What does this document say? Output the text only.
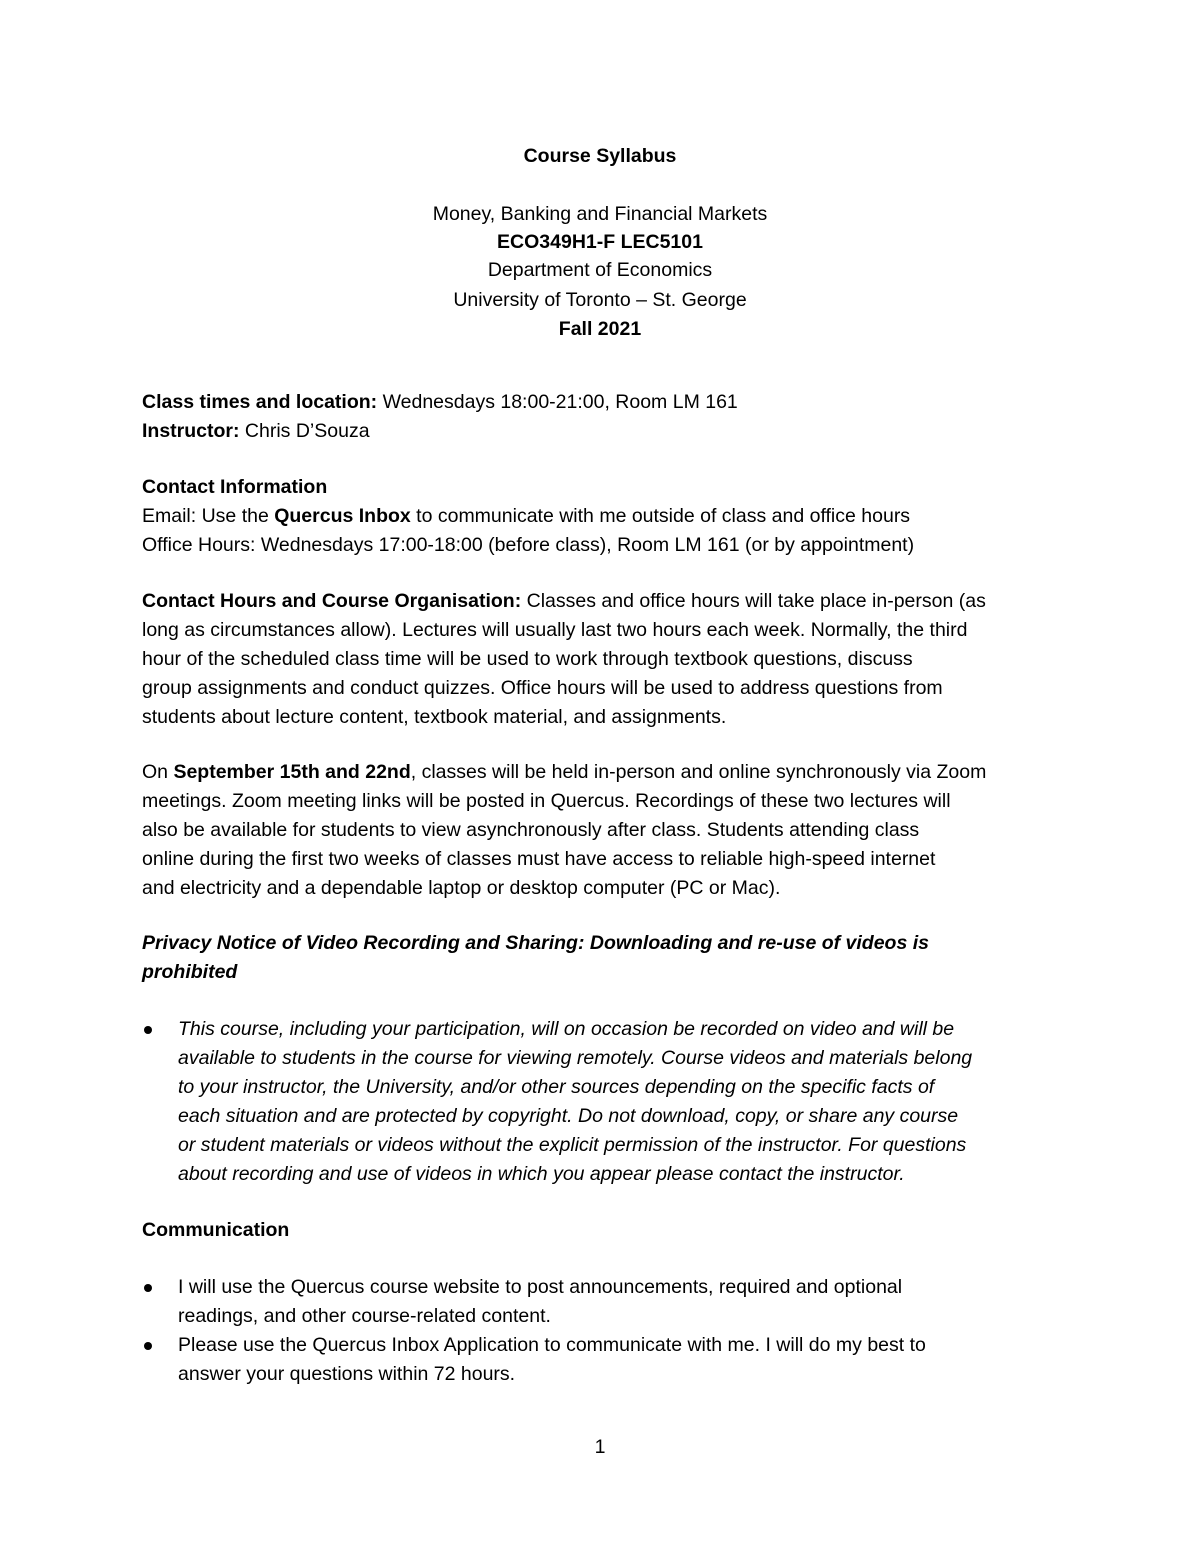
Course Syllabus
Money, Banking and Financial Markets
ECO349H1-F LEC5101
Department of Economics
University of Toronto – St. George
Fall 2021
Class times and location: Wednesdays 18:00-21:00, Room LM 161
Instructor: Chris D’Souza
Contact Information
Email: Use the Quercus Inbox to communicate with me outside of class and office hours
Office Hours: Wednesdays 17:00-18:00 (before class), Room LM 161 (or by appointment)
Contact Hours and Course Organisation: Classes and office hours will take place in-person (as
long as circumstances allow). Lectures will usually last two hours each week. Normally, the third
hour of the scheduled class time will be used to work through textbook questions, discuss
group assignments and conduct quizzes. Office hours will be used to address questions from
students about lecture content, textbook material, and assignments.
On September 15th and 22nd, classes will be held in-person and online synchronously via Zoom
meetings. Zoom meeting links will be posted in Quercus. Recordings of these two lectures will
also be available for students to view asynchronously after class. Students attending class
online during the first two weeks of classes must have access to reliable high-speed internet
and electricity and a dependable laptop or desktop computer (PC or Mac).
Privacy Notice of Video Recording and Sharing: Downloading and re-use of videos is
prohibited
This course, including your participation, will on occasion be recorded on video and will be
available to students in the course for viewing remotely. Course videos and materials belong
to your instructor, the University, and/or other sources depending on the specific facts of
each situation and are protected by copyright. Do not download, copy, or share any course
or student materials or videos without the explicit permission of the instructor. For questions
about recording and use of videos in which you appear please contact the instructor.
Communication
I will use the Quercus course website to post announcements, required and optional
readings, and other course-related content.
Please use the Quercus Inbox Application to communicate with me. I will do my best to
answer your questions within 72 hours.
1
